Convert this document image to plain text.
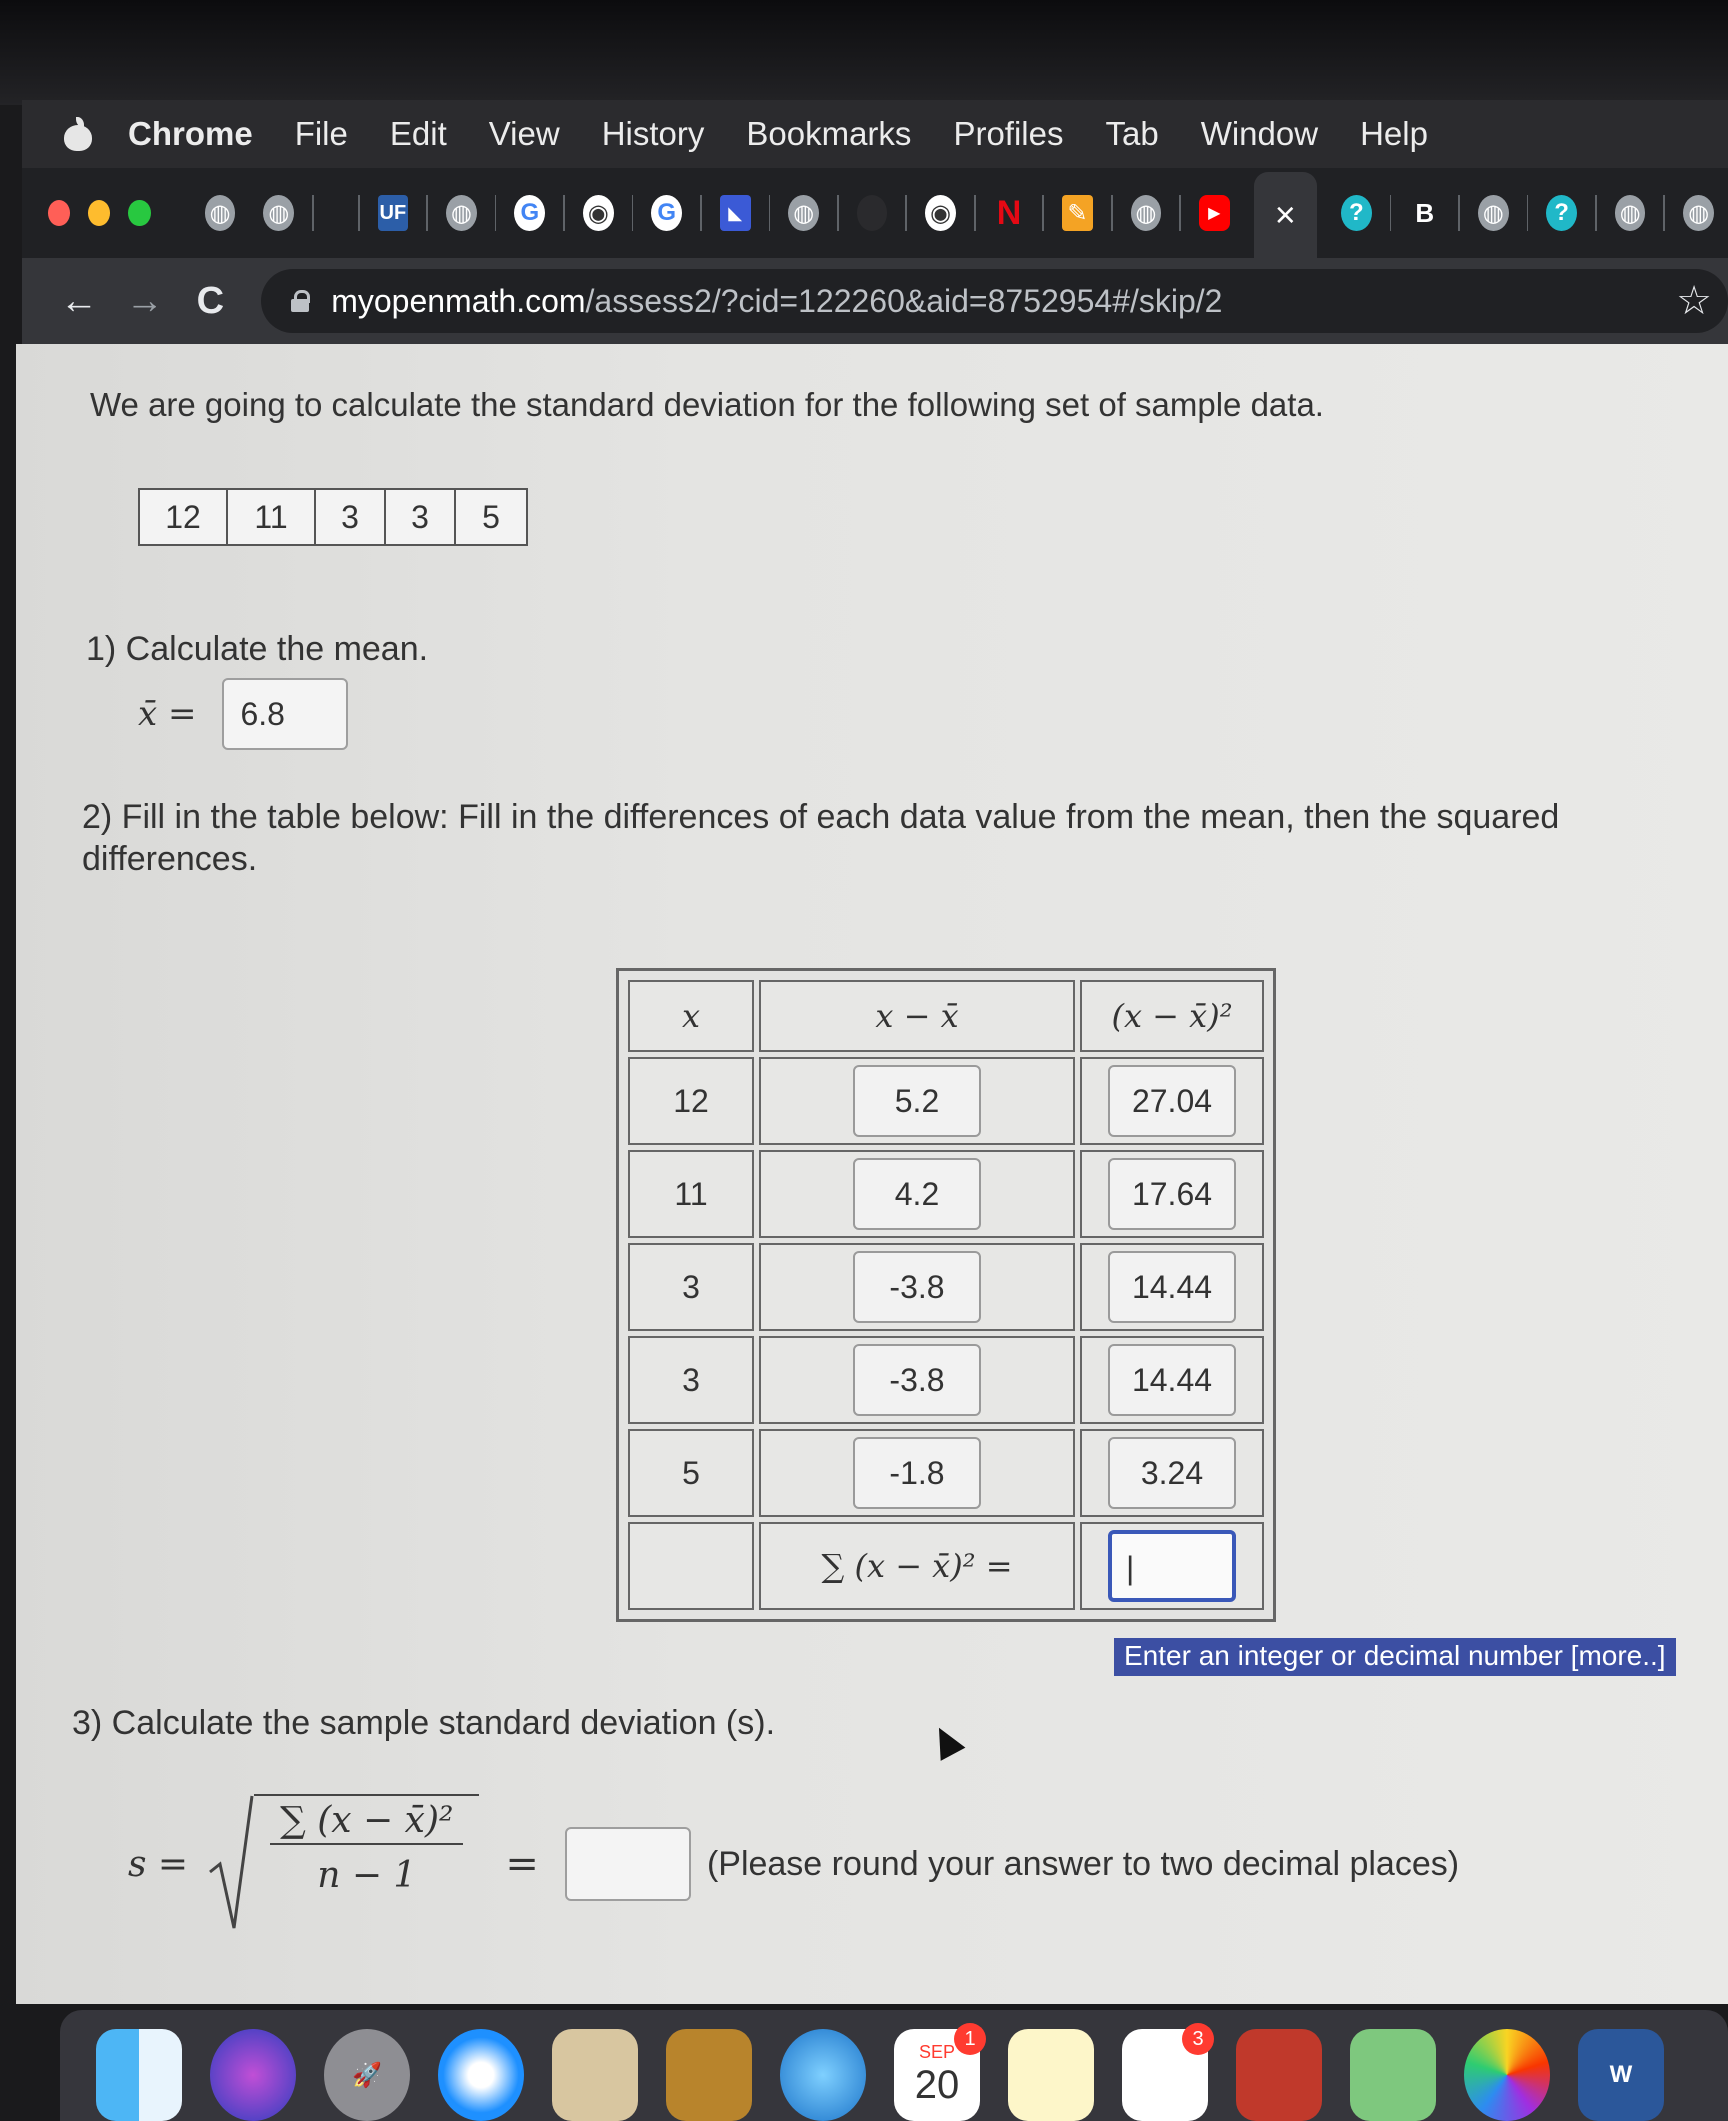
Chrome File Edit View History Bookmarks Profiles Tab Window Help
◍ ◍	UF ◍ G ◉ G	◣	◍	◉ N ✎ ◍	▶	×	?	B ◍	?	◍ ◍
← → C	myopenmath.com /assess2/?cid=122260&aid=8752954#/skip/2	☆
We are going to calculate the standard deviation for the following set of sample data.
12	11	3	3	5
1) Calculate the mean.
x̄ =	6.8
2) Fill in the table below: Fill in the differences of each data value from the mean, then the squared
differences.
x	x − x̄	(x − x̄)²
12	5.2	27.04
11	4.2	17.64
3	-3.8	14.44
3	-3.8	14.44
5	-1.8	3.24
	∑ (x − x̄)² =	|
Enter an integer or decimal number [more..]
3) Calculate the sample standard deviation (s).
$s = \frac{\text{∑ (x − x̄)²}}{n - 1}$ =	(Please round your answer to two decimal places)
🚀
SEP
20
1	3
W
